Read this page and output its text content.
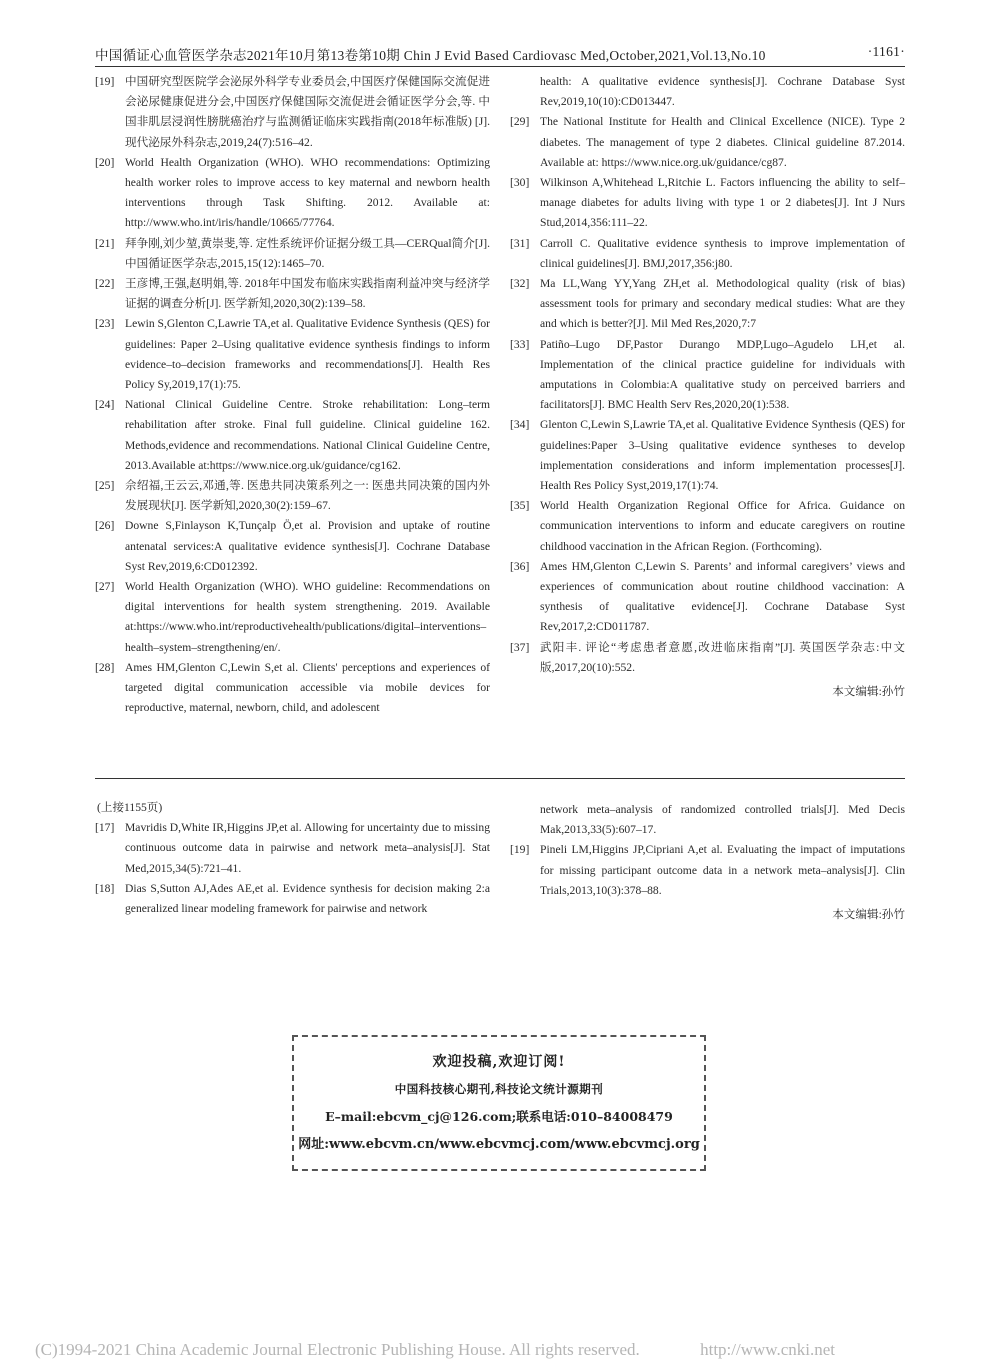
中国循证心血管医学杂志2021年10月第13卷第10期 Chin J Evid Based Cardiovasc Med,October,2021,Vol.13,No.10	·1161·
[19] 中国研究型医院学会泌尿外科学专业委员会,中国医疗保健国际交流促进会泌尿健康促进分会,中国医疗保健国际交流促进会循证医学分会,等. 中国非肌层浸润性膀胱癌治疗与监测循证临床实践指南(2018年标准版) [J]. 现代泌尿外科杂志,2019,24(7):516–42.
[20] World Health Organization (WHO). WHO recommendations: Optimizing health worker roles to improve access to key maternal and newborn health interventions through Task Shifting. 2012. Available at: http://www.who.int/iris/handle/10665/77764.
[21] 拜争刚,刘少堃,黄崇斐,等. 定性系统评价证据分级工具—CERQual简介[J]. 中国循证医学杂志,2015,15(12):1465–70.
[22] 王彦博,王强,赵明娟,等. 2018年中国发布临床实践指南利益冲突与经济学证据的调查分析[J]. 医学新知,2020,30(2):139–58.
[23] Lewin S,Glenton C,Lawrie TA,et al. Qualitative Evidence Synthesis (QES) for guidelines: Paper 2–Using qualitative evidence synthesis findings to inform evidence–to–decision frameworks and recommendations[J]. Health Res Policy Sy,2019,17(1):75.
[24] National Clinical Guideline Centre. Stroke rehabilitation: Long–term rehabilitation after stroke. Final full guideline. Clinical guideline 162. Methods,evidence and recommendations. National Clinical Guideline Centre, 2013.Available at:https://www.nice.org.uk/guidance/cg162.
[25] 佘绍福,王云云,邓通,等. 医患共同决策系列之一: 医患共同决策的国内外发展现状[J]. 医学新知,2020,30(2):159–67.
[26] Downe S,Finlayson K,Tunçalp Ö,et al. Provision and uptake of routine antenatal services:A qualitative evidence synthesis[J]. Cochrane Database Syst Rev,2019,6:CD012392.
[27] World Health Organization (WHO). WHO guideline: Recommendations on digital interventions for health system strengthening. 2019. Available at:https://www.who.int/reproductivehealth/publications/digital–interventions–health–system–strengthening/en/.
[28] Ames HM,Glenton C,Lewin S,et al. Clients' perceptions and experiences of targeted digital communication accessible via mobile devices for reproductive, maternal, newborn, child, and adolescent
health: A qualitative evidence synthesis[J]. Cochrane Database Syst Rev,2019,10(10):CD013447.
[29] The National Institute for Health and Clinical Excellence (NICE). Type 2 diabetes. The management of type 2 diabetes. Clinical guideline 87.2014. Available at: https://www.nice.org.uk/guidance/cg87.
[30] Wilkinson A,Whitehead L,Ritchie L. Factors influencing the ability to self–manage diabetes for adults living with type 1 or 2 diabetes[J]. Int J Nurs Stud,2014,356:111–22.
[31] Carroll C. Qualitative evidence synthesis to improve implementation of clinical guidelines[J]. BMJ,2017,356:j80.
[32] Ma LL,Wang YY,Yang ZH,et al. Methodological quality (risk of bias) assessment tools for primary and secondary medical studies: What are they and which is better?[J]. Mil Med Res,2020,7:7
[33] Patiño–Lugo DF,Pastor Durango MDP,Lugo–Agudelo LH,et al. Implementation of the clinical practice guideline for individuals with amputations in Colombia:A qualitative study on perceived barriers and facilitators[J]. BMC Health Serv Res,2020,20(1):538.
[34] Glenton C,Lewin S,Lawrie TA,et al. Qualitative Evidence Synthesis (QES) for guidelines:Paper 3–Using qualitative evidence syntheses to develop implementation considerations and inform implementation processes[J]. Health Res Policy Syst,2019,17(1):74.
[35] World Health Organization Regional Office for Africa. Guidance on communication interventions to inform and educate caregivers on routine childhood vaccination in the African Region. (Forthcoming).
[36] Ames HM,Glenton C,Lewin S. Parents’ and informal caregivers’ views and experiences of communication about routine childhood vaccination: A synthesis of qualitative evidence[J]. Cochrane Database Syst Rev,2017,2:CD011787.
[37] 武阳丰. 评论“考虑患者意愿,改进临床指南”[J]. 英国医学杂志:中文版,2017,20(10):552.
本文编辑:孙竹
(上接1155页)
[17] Mavridis D,White IR,Higgins JP,et al. Allowing for uncertainty due to missing continuous outcome data in pairwise and network meta–analysis[J]. Stat Med,2015,34(5):721–41.
[18] Dias S,Sutton AJ,Ades AE,et al. Evidence synthesis for decision making 2:a generalized linear modeling framework for pairwise and network
network meta–analysis of randomized controlled trials[J]. Med Decis Mak,2013,33(5):607–17.
[19] Pineli LM,Higgins JP,Cipriani A,et al. Evaluating the impact of imputations for missing participant outcome data in a network meta–analysis[J]. Clin Trials,2013,10(3):378–88.
本文编辑:孙竹
欢迎投稿,欢迎订阅!
中国科技核心期刊,科技论文统计源期刊
E–mail:ebcvm_cj@126.com;联系电话:010–84008479
网址:www.ebcvm.cn/www.ebcvmcj.com/www.ebcvmcj.org
(C)1994-2021 China Academic Journal Electronic Publishing House. All rights reserved.	http://www.cnki.net
